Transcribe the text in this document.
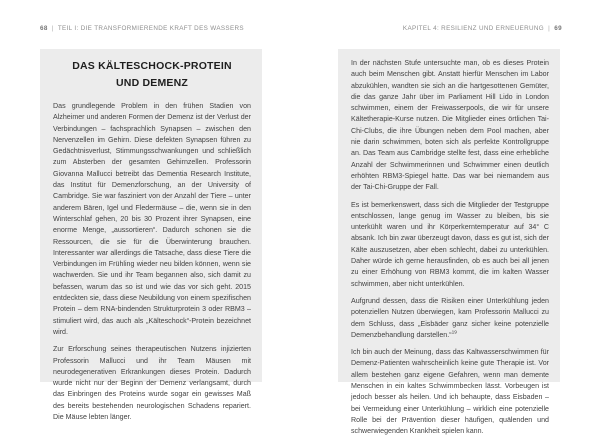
68 | TEIL I: DIE TRANSFORMIERENDE KRAFT DES WASSERS
DAS KÄLTESCHOCK-PROTEIN UND DEMENZ

Das grundlegende Problem in den frühen Stadien von Alzheimer und anderen Formen der Demenz ist der Verlust der Verbindungen – fachsprachlich Synapsen – zwischen den Nervenzellen im Gehirn. Diese defekten Synapsen führen zu Gedächtnisverlust, Stimmungsschwankungen und schließlich zum Absterben der gesamten Gehirnzellen. Professorin Giovanna Mallucci betreibt das Dementia Research Institute, das Institut für Demenzforschung, an der University of Cambridge. Sie war fasziniert von der Anzahl der Tiere – unter anderem Bären, Igel und Fledermäuse – die, wenn sie in den Winterschlaf gehen, 20 bis 30 Prozent ihrer Synapsen, eine enorme Menge, „aussortieren“. Dadurch schonen sie die Ressourcen, die sie für die Überwinterung brauchen. Interessanter war allerdings die Tatsache, dass diese Tiere die Verbindungen im Frühling wieder neu bilden können, wenn sie wachwerden. Sie und ihr Team begannen also, sich damit zu befassen, warum das so ist und wie das vor sich geht. 2015 entdeckten sie, dass diese Neubildung von einem spezifischen Protein – dem RNA-bindenden Strukturprotein 3 oder RBM3 – stimuliert wird, das auch als „Kälteschock“-Protein bezeichnet wird.

Zur Erforschung seines therapeutischen Nutzens injizierten Professorin Mallucci und ihr Team Mäusen mit neurodegenerativen Erkrankungen dieses Protein. Dadurch wurde nicht nur der Beginn der Demenz verlangsamt, durch das Einbringen des Proteins wurde sogar ein gewisses Maß des bereits bestehenden neurologischen Schadens repariert. Die Mäuse lebten länger.

KAPITEL 4: RESILIENZ UND ERNEUERUNG | 69

In der nächsten Stufe untersuchte man, ob es dieses Protein auch beim Menschen gibt. Anstatt hierfür Menschen im Labor abzukühlen, wandten sie sich an die hartgesottenen Gemüter, die das ganze Jahr über im Parliament Hill Lido in London schwimmen, einem der Freiwasserpools, die wir für unsere Kältetherapie-Kurse nutzen. Die Mitglieder eines örtlichen Tai-Chi-Clubs, die ihre Übungen neben dem Pool machen, aber nie darin schwimmen, boten sich als perfekte Kontrollgruppe an. Das Team aus Cambridge stellte fest, dass eine erhebliche Anzahl der Schwimmerinnen und Schwimmer einen deutlich erhöhten RBM3-Spiegel hatte. Das war bei niemandem aus der Tai-Chi-Gruppe der Fall.

Es ist bemerkenswert, dass sich die Mitglieder der Testgruppe entschlossen, lange genug im Wasser zu bleiben, bis sie unterkühlt waren und ihr Körperkerntemperatur auf 34° C absank. Ich bin zwar überzeugt davon, dass es gut ist, sich der Kälte auszusetzen, aber eben schlecht, dabei zu unterkühlen. Daher würde ich gerne herausfinden, ob es auch bei all jenen zu einer Erhöhung von RBM3 kommt, die im kalten Wasser schwimmen, aber nicht unterkühlen.

Aufgrund dessen, dass die Risiken einer Unterkühlung jeden potenziellen Nutzen überwiegen, kam Professorin Mallucci zu dem Schluss, dass „Eisbäder ganz sicher keine potenzielle Demenzbehandlung darstellen.“$^{19}$

Ich bin auch der Meinung, dass das Kaltwasserschwimmen für Demenz-Patienten wahrscheinlich keine gute Therapie ist. Vor allem bestehen ganz eigene Gefahren, wenn man demente Menschen in ein kaltes Schwimmbecken lässt. Vorbeugen ist jedoch besser als heilen. Und ich behaupte, dass Eisbaden – bei Vermeidung einer Unterkühlung – wirklich eine potenzielle Rolle bei der Prävention dieser häufigen, quälenden und schwerwiegenden Krankheit spielen kann.
